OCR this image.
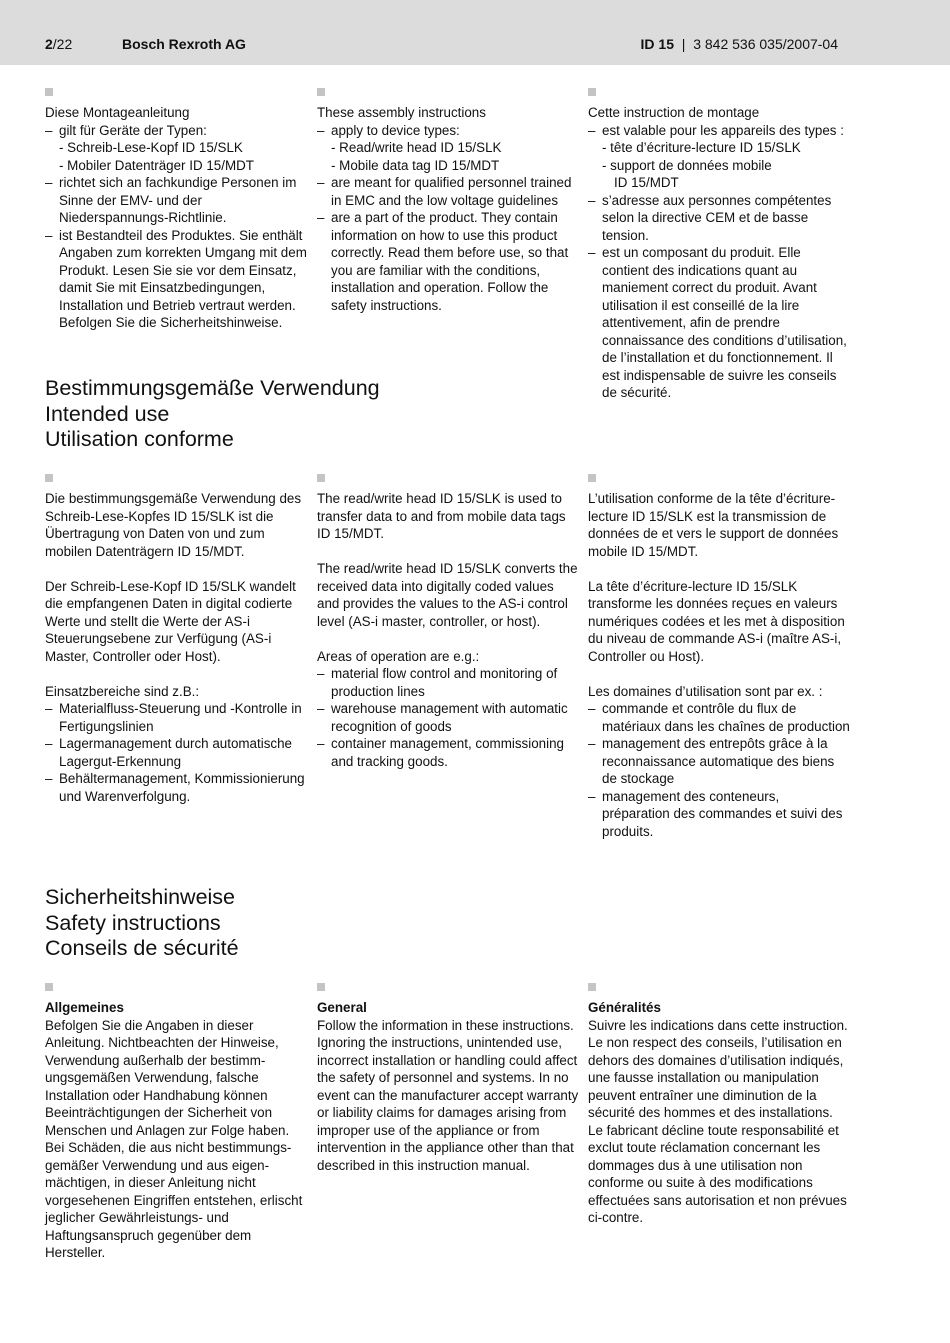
2/22	Bosch Rexroth AG	ID 15  |  3 842 536 035/2007-04

Diese Montageanleitung

– gilt für Geräte der Typen:
- Schreib-Lese-Kopf ID 15/SLK
- Mobiler Datenträger ID 15/MDT
– richtet sich an fachkundige Personen im Sinne der EMV- und der Niederspannungs-Richtlinie.
– ist Bestandteil des Produktes. Sie enthält Angaben zum korrekten Umgang mit dem Produkt. Lesen Sie sie vor dem Einsatz, damit Sie mit Einsatzbedingungen, Installation und Betrieb vertraut werden. Befolgen Sie die Sicherheitshinweise.

These assembly instructions

– apply to device types:
- Read/write head ID 15/SLK
- Mobile data tag ID 15/MDT
– are meant for qualified personnel trained in EMC and the low voltage guidelines
– are a part of the product. They contain information on how to use this product correctly. Read them before use, so that you are familiar with the conditions, installation and operation. Follow the safety instructions.

Cette instruction de montage

– est valable pour les appareils des types :
- tête d’écriture-lecture ID 15/SLK
- support de données mobile
ID 15/MDT
– s’adresse aux personnes compétentes selon la directive CEM et de basse tension.
– est un composant du produit. Elle contient des indications quant au maniement correct du produit. Avant utilisation il est conseillé de la lire attentivement, afin de prendre connaissance des conditions d’utilisation, de l’installation et du fonctionnement. Il est indispensable de suivre les conseils de sécurité.
Bestimmungsgemäße Verwendung
Intended use
Utilisation conforme

Die bestimmungsgemäße Verwendung des Schreib-Lese-Kopfes ID 15/SLK ist die Übertragung von Daten von und zum mobilen Datenträgern ID 15/MDT.

Der Schreib-Lese-Kopf ID 15/SLK wandelt die empfangenen Daten in digital codierte Werte und stellt die Werte der AS-i Steuerungsebene zur Verfügung (AS-i Master, Controller oder Host).

Einsatzbereiche sind z.B.:

– Materialfluss-Steuerung und -Kontrolle in Fertigungslinien
– Lagermanagement durch automatische Lagergut-Erkennung
– Behältermanagement, Kommissionierung und Warenverfolgung.

The read/write head ID 15/SLK is used to transfer data to and from mobile data tags ID 15/MDT.

The read/write head ID 15/SLK converts the received data into digitally coded values and provides the values to the AS-i control level (AS-i master, controller, or host).

Areas of operation are e.g.:

– material flow control and monitoring of production lines
– warehouse management with automatic recognition of goods
– container management, commissioning and tracking goods.

L’utilisation conforme de la tête d’écriture-lecture ID 15/SLK est la transmission de données de et vers le support de données mobile ID 15/MDT.

La tête d’écriture-lecture ID 15/SLK transforme les données reçues en valeurs numériques codées et les met à disposition du niveau de commande AS-i (maître AS-i, Controller ou Host).

Les domaines d’utilisation sont par ex. :

– commande et contrôle du flux de matériaux dans les chaînes de production
– management des entrepôts grâce à la reconnaissance automatique des biens de stockage
– management des conteneurs, préparation des commandes et suivi des produits.
Sicherheitshinweise
Safety instructions
Conseils de sécurité

Allgemeines

Befolgen Sie die Angaben in dieser Anleitung. Nichtbeachten der Hinweise, Verwendung außerhalb der bestimm-ungsgemäßen Verwendung, falsche Installation oder Handhabung können Beeinträchtigungen der Sicherheit von Menschen und Anlagen zur Folge haben. Bei Schäden, die aus nicht bestimmungs-gemäßer Verwendung und aus eigen-mächtigen, in dieser Anleitung nicht vorgesehenen Eingriffen entstehen, erlischt jeglicher Gewährleistungs- und Haftungsanspruch gegenüber dem Hersteller.

General

Follow the information in these instructions. Ignoring the instructions, unintended use, incorrect installation or handling could affect the safety of personnel and systems. In no event can the manufacturer accept warranty or liability claims for damages arising from improper use of the appliance or from intervention in the appliance other than that described in this instruction manual.

Généralités

Suivre les indications dans cette instruction. Le non respect des conseils, l’utilisation en dehors des domaines d’utilisation indiqués, une fausse installation ou manipulation peuvent entraîner une diminution de la sécurité des hommes et des installations. Le fabricant décline toute responsabilité et exclut toute réclamation concernant les dommages dus à une utilisation non conforme ou suite à des modifications effectuées sans autorisation et non prévues ci-contre.
